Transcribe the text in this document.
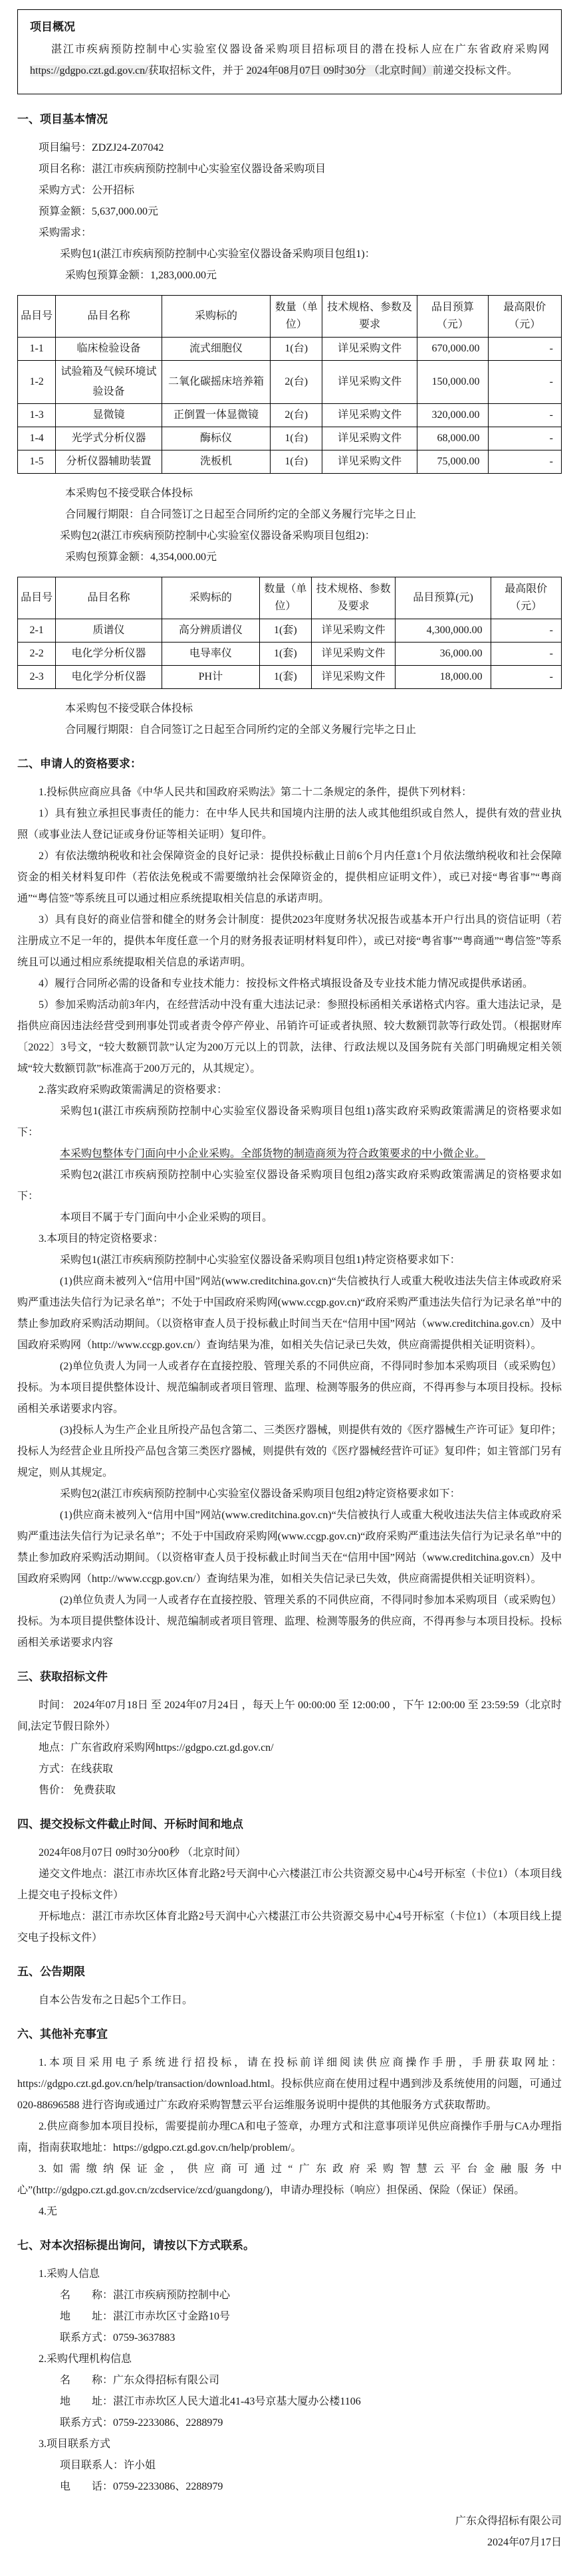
项目概况

湛江市疾病预防控制中心实验室仪器设备采购项目招标项目的潜在投标人应在广东省政府采购网https://gdgpo.czt.gd.gov.cn/获取招标文件，并于 2024年08月07日 09时30分 （北京时间）前递交投标文件。

一、项目基本情况
项目编号：ZDZJ24-Z07042
项目名称：湛江市疾病预防控制中心实验室仪器设备采购项目
采购方式：公开招标
预算金额：5,637,000.00元
采购需求：
采购包1(湛江市疾病预防控制中心实验室仪器设备采购项目包组1)：
采购包预算金额：1,283,000.00元
品目号	品目名称	采购标的	数量（单位）	技术规格、参数及要求	品目预算（元）	最高限价（元）
1-1	临床检验设备	流式细胞仪	1(台)	详见采购文件	670,000.00	-
1-2	试验箱及气候环境试验设备	二氧化碳摇床培养箱	2(台)	详见采购文件	150,000.00	-
1-3	显微镜	正倒置一体显微镜	2(台)	详见采购文件	320,000.00	-
1-4	光学式分析仪器	酶标仪	1(台)	详见采购文件	68,000.00	-
1-5	分析仪器辅助装置	洗板机	1(台)	详见采购文件	75,000.00	-
本采购包不接受联合体投标
合同履行期限：自合同签订之日起至合同所约定的全部义务履行完毕之日止
采购包2(湛江市疾病预防控制中心实验室仪器设备采购项目包组2)：
采购包预算金额：4,354,000.00元
品目号	品目名称	采购标的	数量（单位）	技术规格、参数及要求	品目预算(元)	最高限价（元）
2-1	质谱仪	高分辨质谱仪	1(套)	详见采购文件	4,300,000.00	-
2-2	电化学分析仪器	电导率仪	1(套)	详见采购文件	36,000.00	-
2-3	电化学分析仪器	PH计	1(套)	详见采购文件	18,000.00	-
本采购包不接受联合体投标
合同履行期限：自合同签订之日起至合同所约定的全部义务履行完毕之日止
二、申请人的资格要求：
1.投标供应商应具备《中华人民共和国政府采购法》第二十二条规定的条件，提供下列材料：
1）具有独立承担民事责任的能力：在中华人民共和国境内注册的法人或其他组织或自然人，提供有效的营业执照（或事业法人登记证或身份证等相关证明）复印件。
2）有依法缴纳税收和社会保障资金的良好记录：提供投标截止日前6个月内任意1个月依法缴纳税收和社会保障资金的相关材料复印件（若依法免税或不需要缴纳社会保障资金的，提供相应证明文件），或已对接“粤省事”“粤商通”“粤信签”等系统且可以通过相应系统提取相关信息的承诺声明。
3）具有良好的商业信誉和健全的财务会计制度：提供2023年度财务状况报告或基本开户行出具的资信证明（若注册成立不足一年的，提供本年度任意一个月的财务报表证明材料复印件），或已对接“粤省事”“粤商通”“粤信签”等系统且可以通过相应系统提取相关信息的承诺声明。
4）履行合同所必需的设备和专业技术能力：按投标文件格式填报设备及专业技术能力情况或提供承诺函。
5）参加采购活动前3年内，在经营活动中没有重大违法记录：参照投标函相关承诺格式内容。重大违法记录，是指供应商因违法经营受到刑事处罚或者责令停产停业、吊销许可证或者执照、较大数额罚款等行政处罚。（根据财库〔2022〕3号文，“较大数额罚款”认定为200万元以上的罚款，法律、行政法规以及国务院有关部门明确规定相关领域“较大数额罚款”标准高于200万元的，从其规定）。
2.落实政府采购政策需满足的资格要求：
采购包1(湛江市疾病预防控制中心实验室仪器设备采购项目包组1)落实政府采购政策需满足的资格要求如下：
本采购包整体专门面向中小企业采购。全部货物的制造商须为符合政策要求的中小微企业。
采购包2(湛江市疾病预防控制中心实验室仪器设备采购项目包组2)落实政府采购政策需满足的资格要求如下：
本项目不属于专门面向中小企业采购的项目。
3.本项目的特定资格要求：
采购包1(湛江市疾病预防控制中心实验室仪器设备采购项目包组1)特定资格要求如下：
(1)供应商未被列入“信用中国”网站(www.creditchina.gov.cn)“失信被执行人或重大税收违法失信主体或政府采购严重违法失信行为记录名单”；不处于中国政府采购网(www.ccgp.gov.cn)“政府采购严重违法失信行为记录名单”中的禁止参加政府采购活动期间。（以资格审查人员于投标截止时间当天在“信用中国”网站（www.creditchina.gov.cn）及中国政府采购网（http://www.ccgp.gov.cn/）查询结果为准，如相关失信记录已失效，供应商需提供相关证明资料）。
(2)单位负责人为同一人或者存在直接控股、管理关系的不同供应商，不得同时参加本采购项目（或采购包）投标。为本项目提供整体设计、规范编制或者项目管理、监理、检测等服务的供应商，不得再参与本项目投标。投标函相关承诺要求内容。
(3)投标人为生产企业且所投产品包含第二、三类医疗器械，则提供有效的《医疗器械生产许可证》复印件；投标人为经营企业且所投产品包含第三类医疗器械，则提供有效的《医疗器械经营许可证》复印件；如主管部门另有规定，则从其规定。
采购包2(湛江市疾病预防控制中心实验室仪器设备采购项目包组2)特定资格要求如下：
(1)供应商未被列入“信用中国”网站(www.creditchina.gov.cn)“失信被执行人或重大税收违法失信主体或政府采购严重违法失信行为记录名单”；不处于中国政府采购网(www.ccgp.gov.cn)“政府采购严重违法失信行为记录名单”中的禁止参加政府采购活动期间。（以资格审查人员于投标截止时间当天在“信用中国”网站（www.creditchina.gov.cn）及中国政府采购网（http://www.ccgp.gov.cn/）查询结果为准，如相关失信记录已失效，供应商需提供相关证明资料）。
(2)单位负责人为同一人或者存在直接控股、管理关系的不同供应商，不得同时参加本采购项目（或采购包）投标。为本项目提供整体设计、规范编制或者项目管理、监理、检测等服务的供应商，不得再参与本项目投标。投标函相关承诺要求内容
三、获取招标文件
时间： 2024年07月18日 至 2024年07月24日 ，每天上午 00:00:00 至 12:00:00 ，下午 12:00:00 至 23:59:59（北京时间,法定节假日除外）
地点：广东省政府采购网https://gdgpo.czt.gd.gov.cn/
方式：在线获取
售价： 免费获取
四、提交投标文件截止时间、开标时间和地点
2024年08月07日 09时30分00秒 （北京时间）
递交文件地点：湛江市赤坎区体育北路2号天润中心六楼湛江市公共资源交易中心4号开标室（卡位1）（本项目线上提交电子投标文件）
开标地点：湛江市赤坎区体育北路2号天润中心六楼湛江市公共资源交易中心4号开标室（卡位1）（本项目线上提交电子投标文件）
五、公告期限
自本公告发布之日起5个工作日。
六、其他补充事宜
1.本项目采用电子系统进行招投标，请在投标前详细阅读供应商操作手册，手册获取网址：https://gdgpo.czt.gd.gov.cn/help/transaction/download.html。投标供应商在使用过程中遇到涉及系统使用的问题，可通过020-88696588 进行咨询或通过广东政府采购智慧云平台运维服务说明中提供的其他服务方式获取帮助。
2.供应商参加本项目投标，需要提前办理CA和电子签章，办理方式和注意事项详见供应商操作手册与CA办理指南，指南获取地址：https://gdgpo.czt.gd.gov.cn/help/problem/。
3.如需缴纳保证金，供应商可通过“广东政府采购智慧云平台金融服务中心”(http://gdgpo.czt.gd.gov.cn/zcdservice/zcd/guangdong/)，申请办理投标（响应）担保函、保险（保证）保函。
4.无
七、对本次招标提出询问，请按以下方式联系。
1.采购人信息
名　　称：湛江市疾病预防控制中心
地　　址：湛江市赤坎区寸金路10号
联系方式：0759-3637883
2.采购代理机构信息
名　　称：广东众得招标有限公司
地　　址：湛江市赤坎区人民大道北41-43号京基大厦办公楼1106
联系方式：0759-2233086、2288979
3.项目联系方式
项目联系人：许小姐
电　　话：0759-2233086、2288979
广东众得招标有限公司
2024年07月17日
